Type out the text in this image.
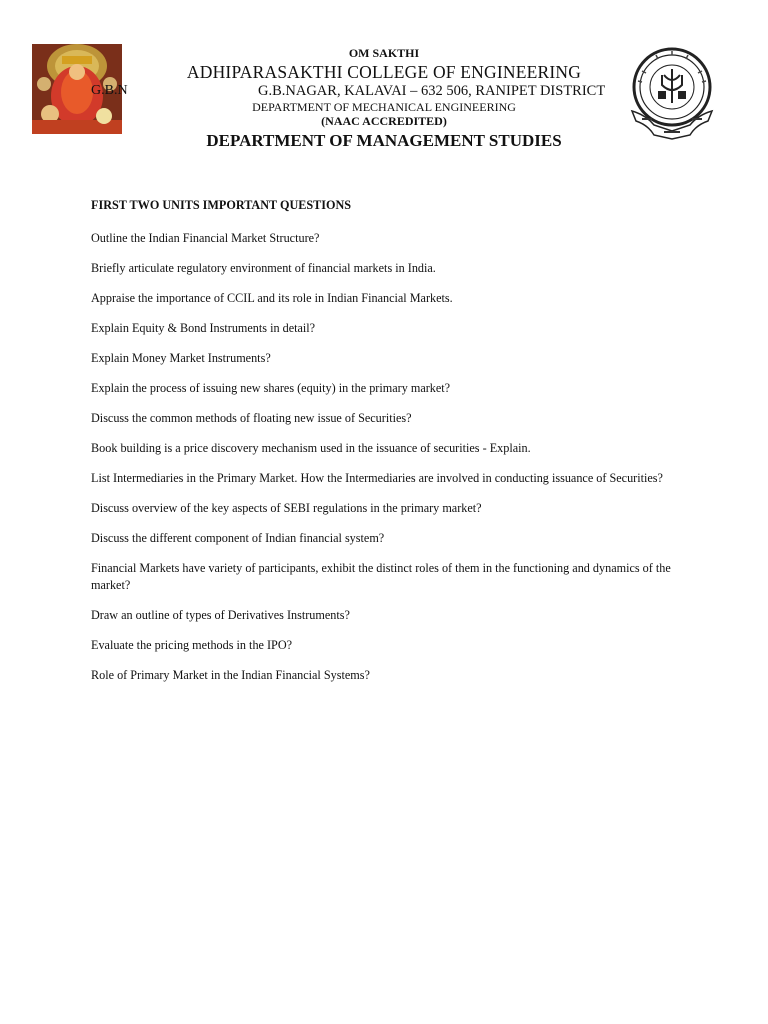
OM SAKTHI
ADHIPARASAKTHI COLLEGE OF ENGINEERING
G.B.N	G.B.NAGAR, KALAVAI – 632 506, RANIPET DISTRICT
DEPARTMENT OF MECHANICAL ENGINEERING
(NAAC ACCREDITED)
DEPARTMENT OF MANAGEMENT STUDIES
FIRST TWO UNITS IMPORTANT QUESTIONS
Outline the Indian Financial Market Structure?
Briefly articulate regulatory environment of financial markets in India.
Appraise the importance of CCIL and its role in Indian Financial Markets.
Explain Equity & Bond Instruments in detail?
Explain Money Market Instruments?
Explain the process of issuing new shares (equity) in the primary market?
Discuss the common methods of floating new issue of Securities?
Book building is a price discovery mechanism used in the issuance of securities - Explain.
List Intermediaries in the Primary Market. How the Intermediaries are involved in conducting issuance of Securities?
Discuss overview of the key aspects of SEBI regulations in the primary market?
Discuss the different component of Indian financial system?
Financial Markets have variety of participants, exhibit the distinct roles of them in the functioning and dynamics of the market?
Draw an outline of types of Derivatives Instruments?
Evaluate the pricing methods in the IPO?
Role of Primary Market in the Indian Financial Systems?
